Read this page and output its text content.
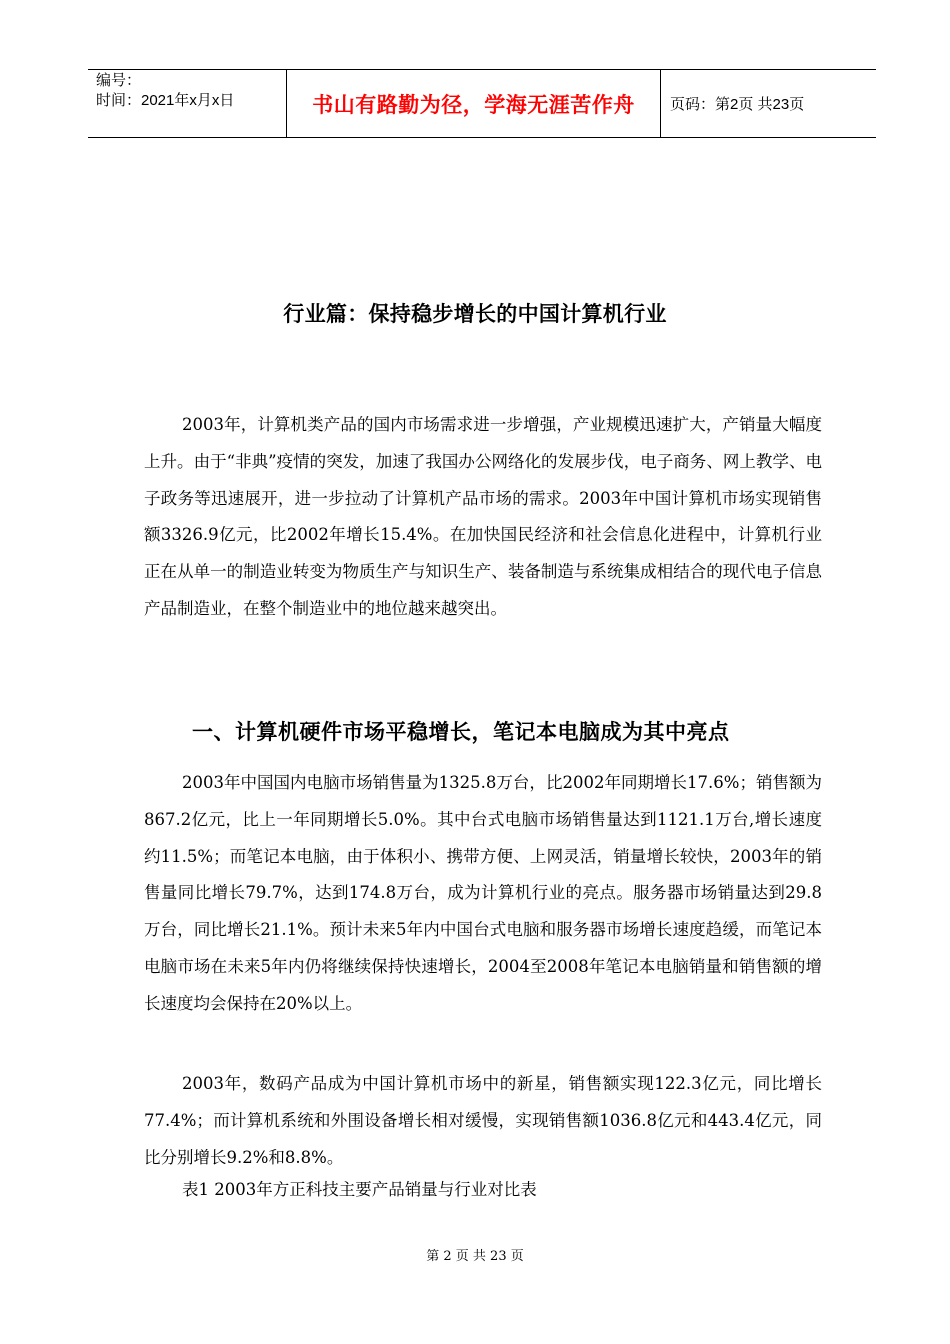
编号：
时间：2021年x月x日	书山有路勤为径，学海无涯苦作舟	页码：第2页 共23页
行业篇：保持稳步增长的中国计算机行业

2003年，计算机类产品的国内市场需求进一步增强，产业规模迅速扩大，产销量大幅度上升。由于“非典”疫情的突发，加速了我国办公网络化的发展步伐，电子商务、网上教学、电子政务等迅速展开，进一步拉动了计算机产品市场的需求。2003年中国计算机市场实现销售额3326.9亿元，比2002年增长15.4%。在加快国民经济和社会信息化进程中，计算机行业正在从单一的制造业转变为物质生产与知识生产、装备制造与系统集成相结合的现代电子信息产品制造业，在整个制造业中的地位越来越突出。

一、计算机硬件市场平稳增长，笔记本电脑成为其中亮点

2003年中国国内电脑市场销售量为1325.8万台，比2002年同期增长17.6%；销售额为867.2亿元，比上一年同期增长5.0%。其中台式电脑市场销售量达到1121.1万台,增长速度约11.5%；而笔记本电脑，由于体积小、携带方便、上网灵活，销量增长较快，2003年的销售量同比增长79.7%，达到174.8万台，成为计算机行业的亮点。服务器市场销量达到29.8万台，同比增长21.1%。预计未来5年内中国台式电脑和服务器市场增长速度趋缓，而笔记本电脑市场在未来5年内仍将继续保持快速增长，2004至2008年笔记本电脑销量和销售额的增长速度均会保持在20%以上。

2003年，数码产品成为中国计算机市场中的新星，销售额实现122.3亿元，同比增长77.4%；而计算机系统和外围设备增长相对缓慢，实现销售额1036.8亿元和443.4亿元，同比分别增长9.2%和8.8%。

表1 2003年方正科技主要产品销量与行业对比表
第 2 页 共 23 页
